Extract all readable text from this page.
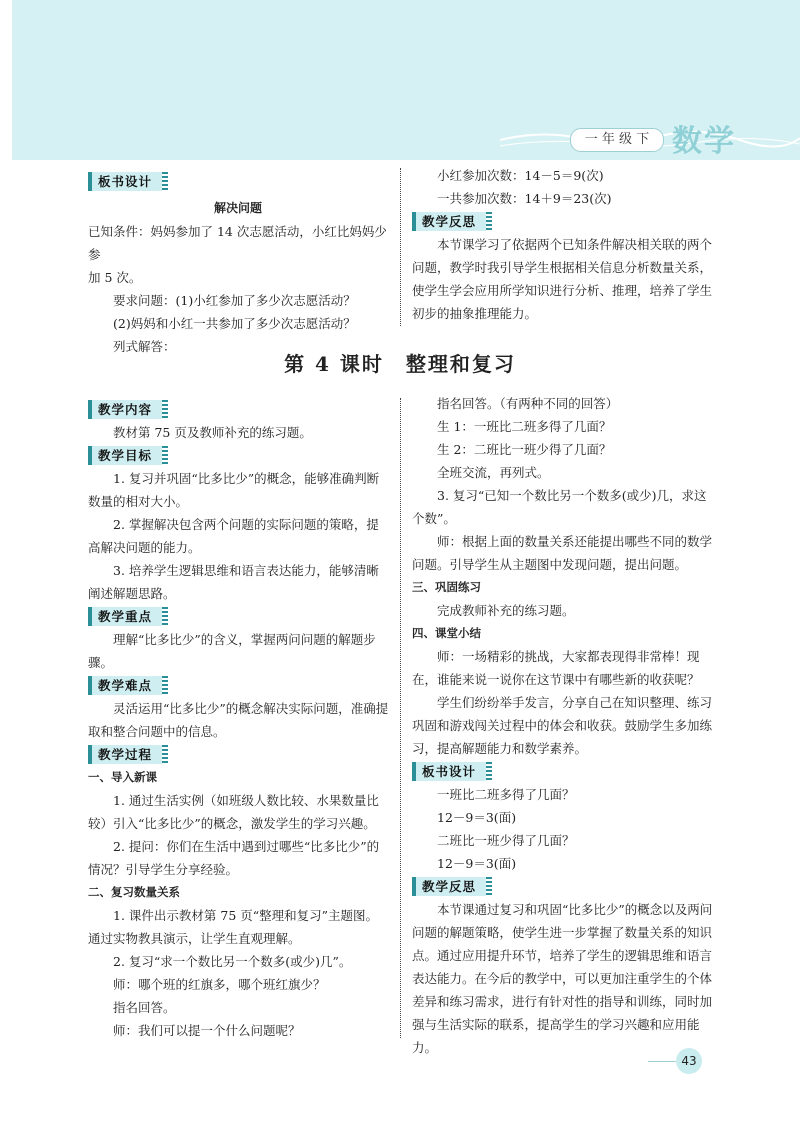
一 年 级 下 数学
板书设计

解决问题

已知条件：妈妈参加了 14 次志愿活动，小红比妈妈少参

加 5 次。

要求问题：(1)小红参加了多少次志愿活动？

(2)妈妈和小红一共参加了多少次志愿活动？

列式解答：

小红参加次数：14－5＝9(次)

一共参加次数：14＋9＝23(次)

教学反思

本节课学习了依据两个已知条件解决相关联的两个问题，教学时我引导学生根据相关信息分析数量关系，使学生学会应用所学知识进行分析、推理，培养了学生初步的抽象推理能力。

第 4 课时　整理和复习
教学内容

教材第 75 页及教师补充的练习题。

教学目标

1. 复习并巩固“比多比少”的概念，能够准确判断数量的相对大小。

2. 掌握解决包含两个问题的实际问题的策略，提高解决问题的能力。

3. 培养学生逻辑思维和语言表达能力，能够清晰阐述解题思路。

教学重点

理解“比多比少”的含义，掌握两问问题的解题步骤。

教学难点

灵活运用“比多比少”的概念解决实际问题，准确提取和整合问题中的信息。

教学过程

一、导入新课

1. 通过生活实例（如班级人数比较、水果数量比较）引入“比多比少”的概念，激发学生的学习兴趣。

2. 提问：你们在生活中遇到过哪些“比多比少”的情况？引导学生分享经验。

二、复习数量关系

1. 课件出示教材第 75 页“整理和复习”主题图。通过实物教具演示，让学生直观理解。

2. 复习“求一个数比另一个数多(或少)几”。

师：哪个班的红旗多，哪个班红旗少？

指名回答。

师：我们可以提一个什么问题呢？

指名回答。（有两种不同的回答）

生 1：一班比二班多得了几面？

生 2：二班比一班少得了几面？

全班交流，再列式。

3. 复习“已知一个数比另一个数多(或少)几，求这个数”。

师：根据上面的数量关系还能提出哪些不同的数学问题。引导学生从主题图中发现问题，提出问题。

三、巩固练习

完成教师补充的练习题。

四、课堂小结

师：一场精彩的挑战，大家都表现得非常棒！现在，谁能来说一说你在这节课中有哪些新的收获呢？

学生们纷纷举手发言，分享自己在知识整理、练习巩固和游戏闯关过程中的体会和收获。鼓励学生多加练习，提高解题能力和数学素养。

板书设计

一班比二班多得了几面？

12－9＝3(面)

二班比一班少得了几面？

12－9＝3(面)

教学反思

本节课通过复习和巩固“比多比少”的概念以及两问问题的解题策略，使学生进一步掌握了数量关系的知识点。通过应用提升环节，培养了学生的逻辑思维和语言表达能力。在今后的教学中，可以更加注重学生的个体差异和练习需求，进行有针对性的指导和训练，同时加强与生活实际的联系，提高学生的学习兴趣和应用能力。

43
